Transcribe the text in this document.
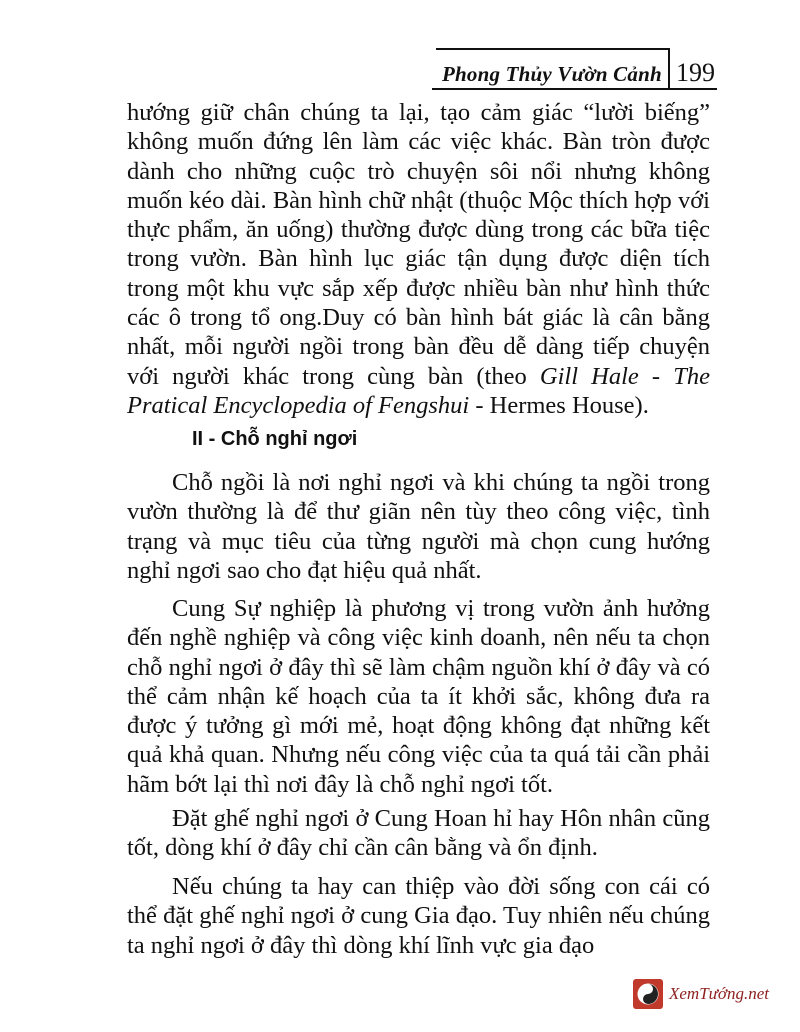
Phong Thủy Vườn Cảnh 199

hướng giữ chân chúng ta lại, tạo cảm giác “lười biếng” không muốn đứng lên làm các việc khác. Bàn tròn được dành cho những cuộc trò chuyện sôi nổi nhưng không muốn kéo dài. Bàn hình chữ nhật (thuộc Mộc thích hợp với thực phẩm, ăn uống) thường được dùng trong các bữa tiệc trong vườn. Bàn hình lục giác tận dụng được diện tích trong một khu vực sắp xếp được nhiều bàn như hình thức các ô trong tổ ong.Duy có bàn hình bát giác là cân bằng nhất, mỗi người ngồi trong bàn đều dễ dàng tiếp chuyện với người khác trong cùng bàn (theo Gill Hale - The Pratical Encyclopedia of Fengshui - Hermes House).

II - Chỗ nghỉ ngơi

Chỗ ngồi là nơi nghỉ ngơi và khi chúng ta ngồi trong vườn thường là để thư giãn nên tùy theo công việc, tình trạng và mục tiêu của từng người mà chọn cung hướng nghỉ ngơi sao cho đạt hiệu quả nhất.

Cung Sự nghiệp là phương vị trong vườn ảnh hưởng đến nghề nghiệp và công việc kinh doanh, nên nếu ta chọn chỗ nghỉ ngơi ở đây thì sẽ làm chậm nguồn khí ở đây và có thể cảm nhận kế hoạch của ta ít khởi sắc, không đưa ra được ý tưởng gì mới mẻ, hoạt động không đạt những kết quả khả quan. Nhưng nếu công việc của ta quá tải cần phải hãm bớt lại thì nơi đây là chỗ nghỉ ngơi tốt.

Đặt ghế nghỉ ngơi ở Cung Hoan hỉ hay Hôn nhân cũng tốt, dòng khí ở đây chỉ cần cân bằng và ổn định.

Nếu chúng ta hay can thiệp vào đời sống con cái có thể đặt ghế nghỉ ngơi ở cung Gia đạo. Tuy nhiên nếu chúng ta nghỉ ngơi ở đây thì dòng khí lĩnh vực gia đạo

XemTướng.net
